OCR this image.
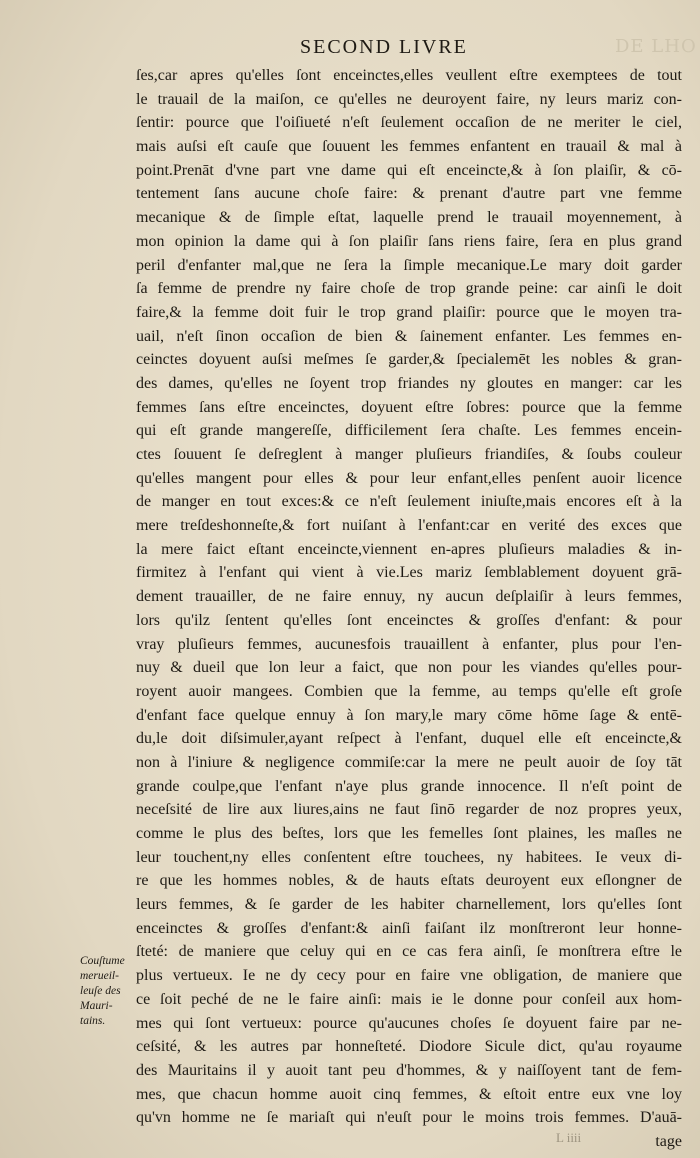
SECOND LIVRE	DE LHO
ſes,car apres qu'elles ſont enceinctes,elles veullent eſtre exemptees de tout
le trauail de la maiſon, ce qu'elles ne deuroyent faire, ny leurs mariz con-
ſentir: pource que l'oiſiueté n'eſt ſeulement occaſion de ne meriter le ciel,
mais auſsi eſt cauſe que ſouuent les femmes enfantent en trauail & mal à
point.Prenāt d'vne part vne dame qui eſt enceincte,& à ſon plaiſir, & cō-
tentement ſans aucune choſe faire: & prenant d'autre part vne femme
mecanique & de ſimple eſtat, laquelle prend le trauail moyennement, à
mon opinion la dame qui à ſon plaiſir ſans riens faire, ſera en plus grand
peril d'enfanter mal,que ne ſera la ſimple mecanique.Le mary doit garder
ſa femme de prendre ny faire choſe de trop grande peine: car ainſi le doit
faire,& la femme doit fuir le trop grand plaiſir: pource que le moyen tra-
uail, n'eſt ſinon occaſion de bien & ſainement enfanter. Les femmes en-
ceinctes doyuent auſsi meſmes ſe garder,& ſpecialemēt les nobles & gran-
des dames, qu'elles ne ſoyent trop friandes ny gloutes en manger: car les
femmes ſans eſtre enceinctes, doyuent eſtre ſobres: pource que la femme
qui eſt grande mangereſſe, difficilement ſera chaſte. Les femmes encein-
ctes ſouuent ſe deſreglent à manger pluſieurs friandiſes, & ſoubs couleur
qu'elles mangent pour elles & pour leur enfant,elles penſent auoir licence
de manger en tout exces:& ce n'eſt ſeulement iniuſte,mais encores eſt à la
mere treſdeshonneſte,& fort nuiſant à l'enfant:car en verité des exces que
la mere faict eſtant enceincte,viennent en-apres pluſieurs maladies & in-
firmitez à l'enfant qui vient à vie.Les mariz ſemblablement doyuent grā-
dement trauailler, de ne faire ennuy, ny aucun deſplaiſir à leurs femmes,
lors qu'ilz ſentent qu'elles ſont enceinctes & groſſes d'enfant: & pour
vray pluſieurs femmes, aucunesfois trauaillent à enfanter, plus pour l'en-
nuy & dueil que lon leur a faict, que non pour les viandes qu'elles pour-
royent auoir mangees. Combien que la femme, au temps qu'elle eſt groſe
d'enfant face quelque ennuy à ſon mary,le mary cōme hōme ſage & entē-
du,le doit diſsimuler,ayant reſpect à l'enfant, duquel elle eſt enceincte,&
non à l'iniure & negligence commiſe:car la mere ne peult auoir de ſoy tāt
grande coulpe,que l'enfant n'aye plus grande innocence. Il n'eſt point de
neceſsité de lire aux liures,ains ne faut ſinō regarder de noz propres yeux,
comme le plus des beſtes, lors que les femelles ſont plaines, les maſles ne
leur touchent,ny elles conſentent eſtre touchees, ny habitees. Ie veux di-
re que les hommes nobles, & de hauts eſtats deuroyent eux eſlongner de
leurs femmes, & ſe garder de les habiter charnellement, lors qu'elles ſont
enceinctes & groſſes d'enfant:& ainſi faiſant ilz monſtreront leur honne-
ſteté: de maniere que celuy qui en ce cas fera ainſi, ſe monſtrera eſtre le
plus vertueux. Ie ne dy cecy pour en faire vne obligation, de maniere que
ce ſoit peché de ne le faire ainſi: mais ie le donne pour conſeil aux hom-
mes qui ſont vertueux: pource qu'aucunes choſes ſe doyuent faire par ne-
ceſsité, & les autres par honneſteté. Diodore Sicule dict, qu'au royaume
des Mauritains il y auoit tant peu d'hommes, & y naiſſoyent tant de fem-
mes, que chacun homme auoit cinq femmes, & eſtoit entre eux vne loy
qu'vn homme ne ſe mariaſt qui n'euſt pour le moins trois femmes. D'auā-
tage
Couſtume
merueil-
leuſe des
Mauri-
tains.
L iiii
